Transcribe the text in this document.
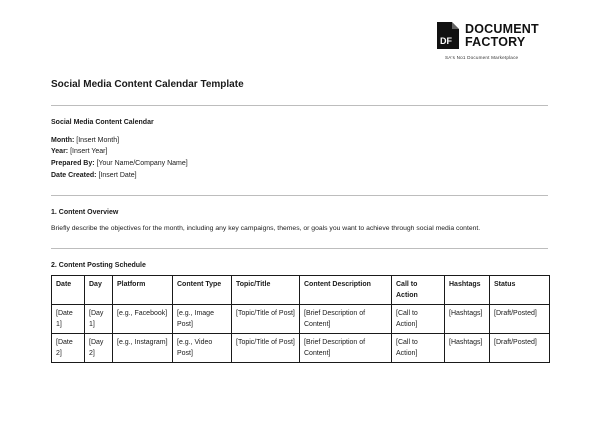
DF
DOCUMENT
FACTORY
SA's No1 Document Marketplace
Social Media Content Calendar Template
Social Media Content Calendar
Month: [Insert Month]
Year: [Insert Year]
Prepared By: [Your Name/Company Name]
Date Created: [Insert Date]
1. Content Overview
Briefly describe the objectives for the month, including any key campaigns, themes, or goals you want to achieve through social media content.
2. Content Posting Schedule
Date	Day	Platform	Content Type	Topic/Title	Content Description	Call to Action	Hashtags	Status
[Date 1]	[Day 1]	[e.g., Facebook]	[e.g., Image Post]	[Topic/Title of Post]	[Brief Description of Content]	[Call to Action]	[Hashtags]	[Draft/Posted]
[Date 2]	[Day 2]	[e.g., Instagram]	[e.g., Video Post]	[Topic/Title of Post]	[Brief Description of Content]	[Call to Action]	[Hashtags]	[Draft/Posted]
